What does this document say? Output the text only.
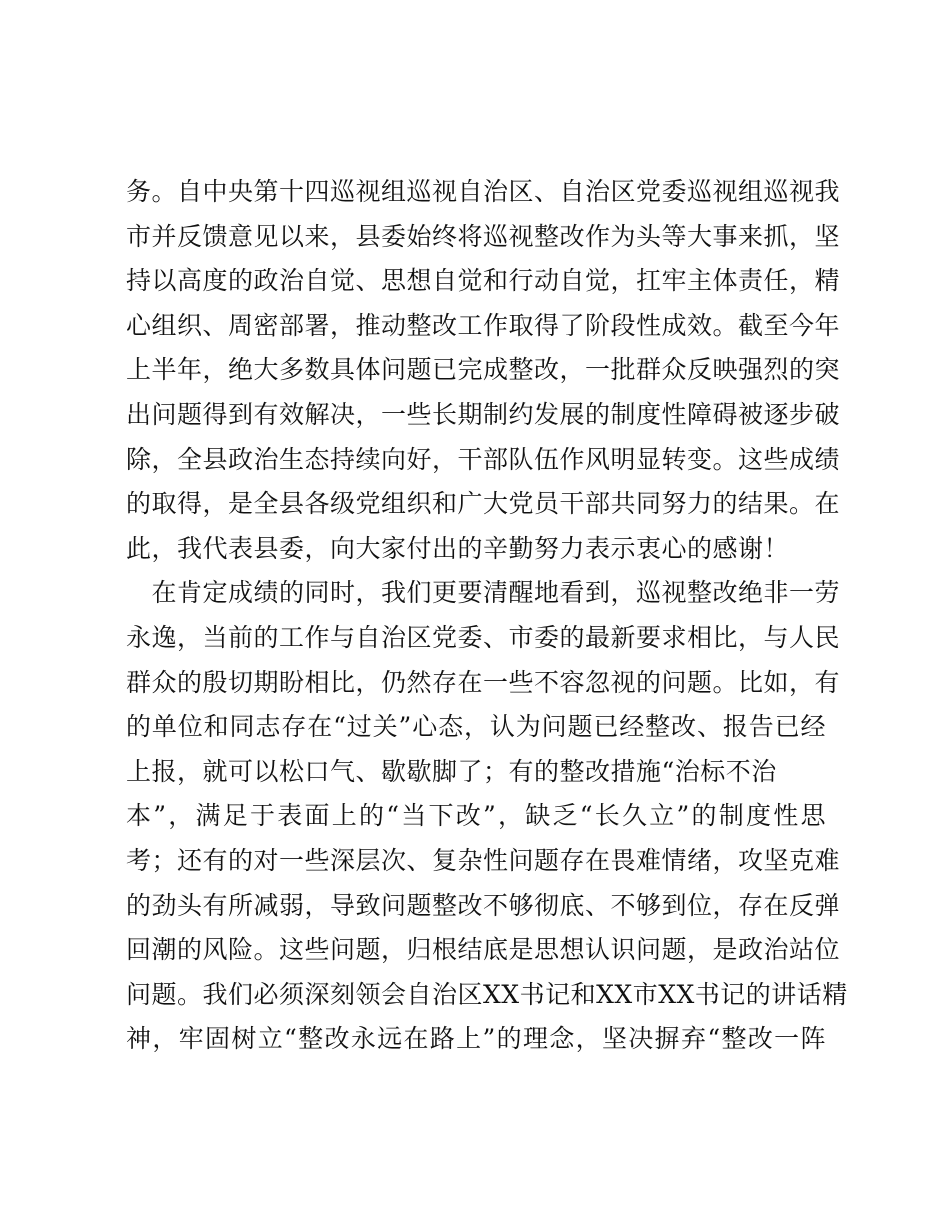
务。自中央第十四巡视组巡视自治区、自治区党委巡视组巡视我
市并反馈意见以来，县委始终将巡视整改作为头等大事来抓，坚
持以高度的政治自觉、思想自觉和行动自觉，扛牢主体责任，精
心组织、周密部署，推动整改工作取得了阶段性成效。截至今年
上半年，绝大多数具体问题已完成整改，一批群众反映强烈的突
出问题得到有效解决，一些长期制约发展的制度性障碍被逐步破
除，全县政治生态持续向好，干部队伍作风明显转变。这些成绩
的取得，是全县各级党组织和广大党员干部共同努力的结果。在
此，我代表县委，向大家付出的辛勤努力表示衷心的感谢！
　在肯定成绩的同时，我们更要清醒地看到，巡视整改绝非一劳
永逸，当前的工作与自治区党委、市委的最新要求相比，与人民
群众的殷切期盼相比，仍然存在一些不容忽视的问题。比如，有
的单位和同志存在“过关”心态，认为问题已经整改、报告已经
上报，就可以松口气、歇歇脚了；有的整改措施“治标不治
本”，满足于表面上的“当下改”，缺乏“长久立”的制度性思
考；还有的对一些深层次、复杂性问题存在畏难情绪，攻坚克难
的劲头有所减弱，导致问题整改不够彻底、不够到位，存在反弹
回潮的风险。这些问题，归根结底是思想认识问题，是政治站位
问题。我们必须深刻领会自治区XX书记和XX市XX书记的讲话精
神，牢固树立“整改永远在路上”的理念，坚决摒弃“整改一阵
